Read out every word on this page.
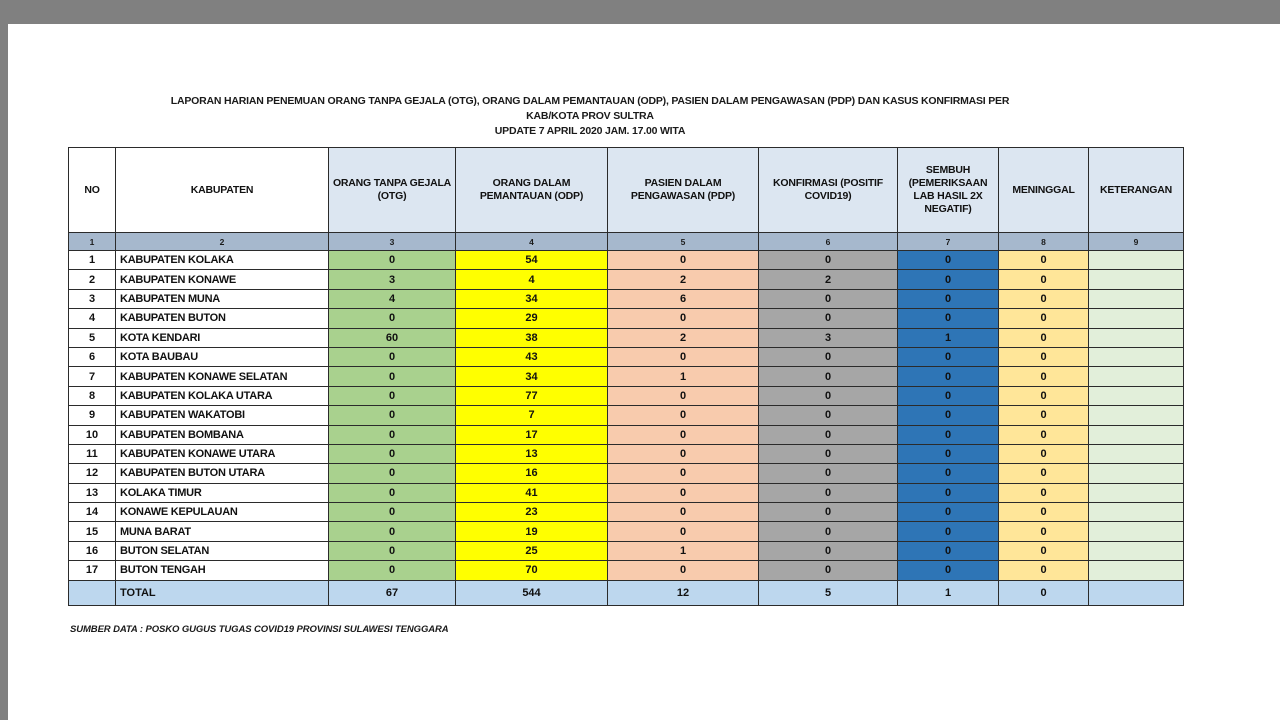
LAPORAN HARIAN PENEMUAN ORANG TANPA GEJALA (OTG), ORANG DALAM PEMANTAUAN (ODP), PASIEN DALAM PENGAWASAN (PDP) DAN KASUS KONFIRMASI PER
KAB/KOTA PROV SULTRA
UPDATE 7 APRIL 2020 JAM. 17.00 WITA
NO	KABUPATEN	ORANG TANPA GEJALA (OTG)	ORANG DALAM PEMANTAUAN (ODP)	PASIEN DALAM PENGAWASAN (PDP)	KONFIRMASI (POSITIF COVID19)	SEMBUH (PEMERIKSAAN LAB HASIL 2X NEGATIF)	MENINGGAL	KETERANGAN
1	2	3	4	5	6	7	8	9
1	KABUPATEN KOLAKA	0	54	0	0	0	0	
2	KABUPATEN KONAWE	3	4	2	2	0	0	
3	KABUPATEN MUNA	4	34	6	0	0	0	
4	KABUPATEN BUTON	0	29	0	0	0	0	
5	KOTA KENDARI	60	38	2	3	1	0	
6	KOTA BAUBAU	0	43	0	0	0	0	
7	KABUPATEN KONAWE SELATAN	0	34	1	0	0	0	
8	KABUPATEN KOLAKA UTARA	0	77	0	0	0	0	
9	KABUPATEN WAKATOBI	0	7	0	0	0	0	
10	KABUPATEN BOMBANA	0	17	0	0	0	0	
11	KABUPATEN KONAWE UTARA	0	13	0	0	0	0	
12	KABUPATEN BUTON UTARA	0	16	0	0	0	0	
13	KOLAKA TIMUR	0	41	0	0	0	0	
14	KONAWE KEPULAUAN	0	23	0	0	0	0	
15	MUNA BARAT	0	19	0	0	0	0	
16	BUTON SELATAN	0	25	1	0	0	0	
17	BUTON TENGAH	0	70	0	0	0	0	
	TOTAL	67	544	12	5	1	0	
SUMBER DATA : POSKO GUGUS TUGAS COVID19 PROVINSI SULAWESI TENGGARA
